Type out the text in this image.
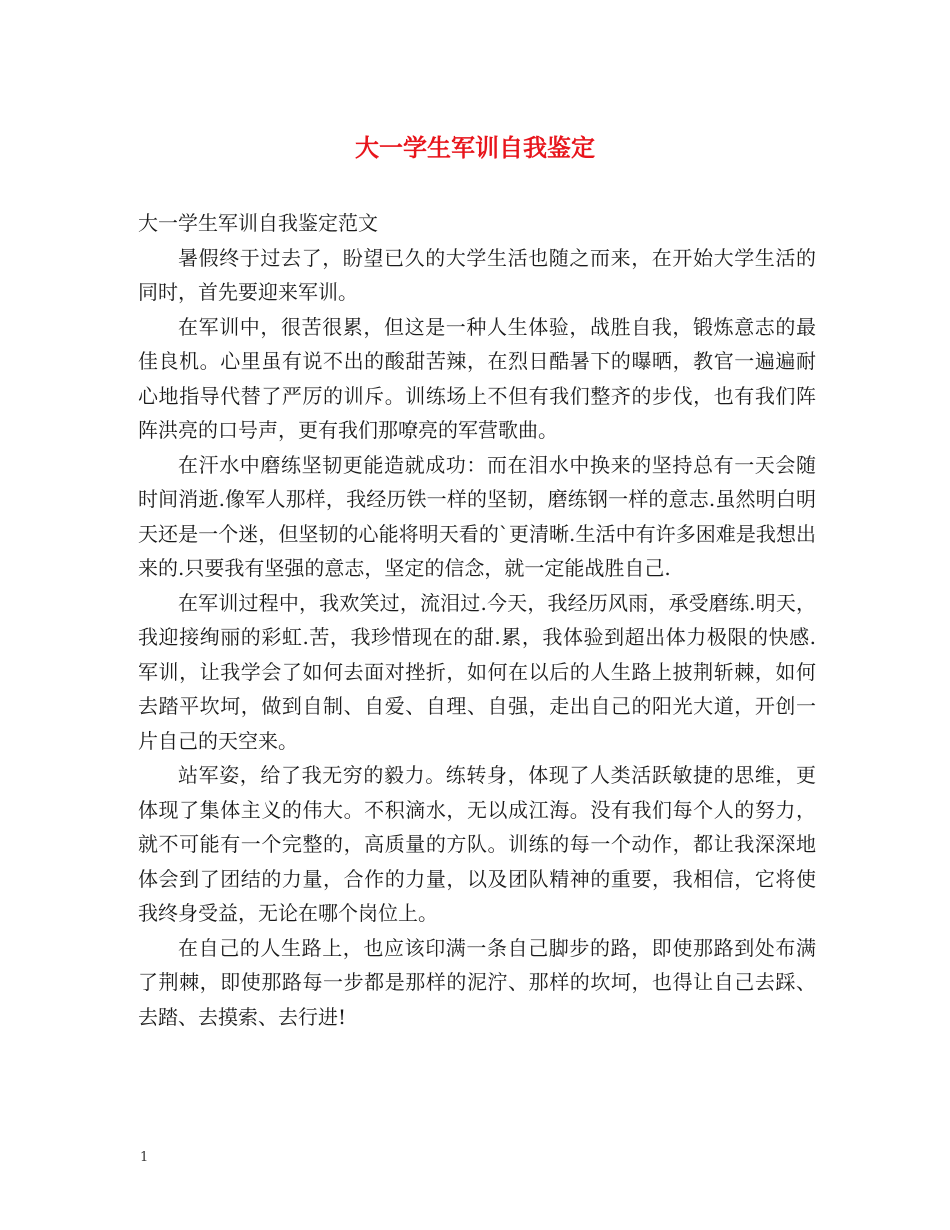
大一学生军训自我鉴定

大一学生军训自我鉴定范文

暑假终于过去了，盼望已久的大学生活也随之而来，在开始大学生活的同时，首先要迎来军训。

在军训中，很苦很累，但这是一种人生体验，战胜自我，锻炼意志的最佳良机。心里虽有说不出的酸甜苦辣，在烈日酷暑下的曝晒，教官一遍遍耐心地指导代替了严厉的训斥。训练场上不但有我们整齐的步伐，也有我们阵阵洪亮的口号声，更有我们那嘹亮的军营歌曲。

在汗水中磨练坚韧更能造就成功：而在泪水中换来的坚持总有一天会随时间消逝.像军人那样，我经历铁一样的坚韧，磨练钢一样的意志.虽然明白明天还是一个迷，但坚韧的心能将明天看的`更清晰.生活中有许多困难是我想出来的.只要我有坚强的意志，坚定的信念，就一定能战胜自己.

在军训过程中，我欢笑过，流泪过.今天，我经历风雨，承受磨练.明天，我迎接绚丽的彩虹.苦，我珍惜现在的甜.累，我体验到超出体力极限的快感.军训，让我学会了如何去面对挫折，如何在以后的人生路上披荆斩棘，如何去踏平坎坷，做到自制、自爱、自理、自强，走出自己的阳光大道，开创一片自己的天空来。

站军姿，给了我无穷的毅力。练转身，体现了人类活跃敏捷的思维，更体现了集体主义的伟大。不积滴水，无以成江海。没有我们每个人的努力，就不可能有一个完整的，高质量的方队。训练的每一个动作，都让我深深地体会到了团结的力量，合作的力量，以及团队精神的重要，我相信，它将使我终身受益，无论在哪个岗位上。

在自己的人生路上，也应该印满一条自己脚步的路，即使那路到处布满了荆棘，即使那路每一步都是那样的泥泞、那样的坎坷，也得让自己去踩、去踏、去摸索、去行进!

1
